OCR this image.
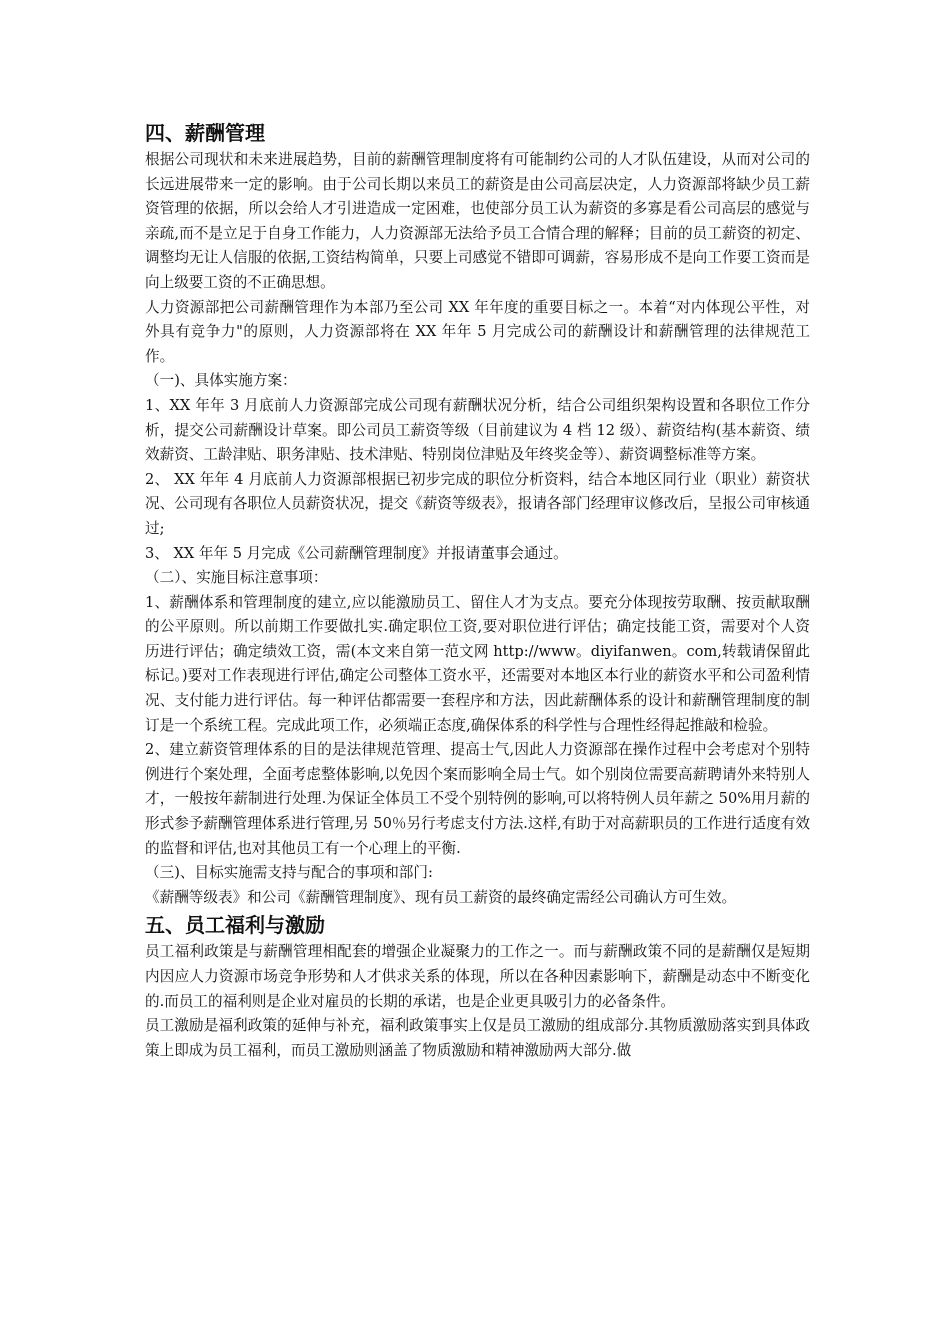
四、薪酬管理

根据公司现状和未来进展趋势，目前的薪酬管理制度将有可能制约公司的人才队伍建设，从而对公司的长远进展带来一定的影响。由于公司长期以来员工的薪资是由公司高层决定，人力资源部将缺少员工薪资管理的依据，所以会给人才引进造成一定困难，也使部分员工认为薪资的多寡是看公司高层的感觉与亲疏,而不是立足于自身工作能力，人力资源部无法给予员工合情合理的解释；目前的员工薪资的初定、调整均无让人信服的依据,工资结构简单，只要上司感觉不错即可调薪，容易形成不是向工作要工资而是向上级要工资的不正确思想。

人力资源部把公司薪酬管理作为本部乃至公司 XX 年年度的重要目标之一。本着“对内体现公平性，对外具有竞争力"的原则，人力资源部将在 XX 年年 5 月完成公司的薪酬设计和薪酬管理的法律规范工作。

（一)、具体实施方案：

1、XX 年年 3 月底前人力资源部完成公司现有薪酬状况分析，结合公司组织架构设置和各职位工作分析，提交公司薪酬设计草案。即公司员工薪资等级（目前建议为 4 档 12 级）、薪资结构(基本薪资、绩效薪资、工龄津贴、职务津贴、技术津贴、特别岗位津贴及年终奖金等）、薪资调整标准等方案。

2、 XX 年年 4 月底前人力资源部根据已初步完成的职位分析资料，结合本地区同行业（职业）薪资状况、公司现有各职位人员薪资状况，提交《薪资等级表》，报请各部门经理审议修改后，呈报公司审核通过;

3、 XX 年年 5 月完成《公司薪酬管理制度》并报请董事会通过。

（二）、实施目标注意事项：

1、薪酬体系和管理制度的建立,应以能激励员工、留住人才为支点。要充分体现按劳取酬、按贡献取酬的公平原则。所以前期工作要做扎实.确定职位工资,要对职位进行评估；确定技能工资，需要对个人资历进行评估；确定绩效工资，需(本文来自第一范文网 http://www。diyifanwen。com,转载请保留此标记。)要对工作表现进行评估,确定公司整体工资水平，还需要对本地区本行业的薪资水平和公司盈利情况、支付能力进行评估。每一种评估都需要一套程序和方法，因此薪酬体系的设计和薪酬管理制度的制订是一个系统工程。完成此项工作，必须端正态度,确保体系的科学性与合理性经得起推敲和检验。

2、建立薪资管理体系的目的是法律规范管理、提高士气,因此人力资源部在操作过程中会考虑对个别特例进行个案处理，全面考虑整体影响,以免因个案而影响全局士气。如个别岗位需要高薪聘请外来特别人才，一般按年薪制进行处理.为保证全体员工不受个别特例的影响,可以将特例人员年薪之 50%用月薪的形式参予薪酬管理体系进行管理,另 50％另行考虑支付方法.这样,有助于对高薪职员的工作进行适度有效的监督和评估,也对其他员工有一个心理上的平衡.

（三)、目标实施需支持与配合的事项和部门:

《薪酬等级表》和公司《薪酬管理制度》、现有员工薪资的最终确定需经公司确认方可生效。

五、员工福利与激励

员工福利政策是与薪酬管理相配套的增强企业凝聚力的工作之一。而与薪酬政策不同的是薪酬仅是短期内因应人力资源市场竞争形势和人才供求关系的体现，所以在各种因素影响下，薪酬是动态中不断变化的.而员工的福利则是企业对雇员的长期的承诺，也是企业更具吸引力的必备条件。

员工激励是福利政策的延伸与补充，福利政策事实上仅是员工激励的组成部分.其物质激励落实到具体政策上即成为员工福利，而员工激励则涵盖了物质激励和精神激励两大部分.做
